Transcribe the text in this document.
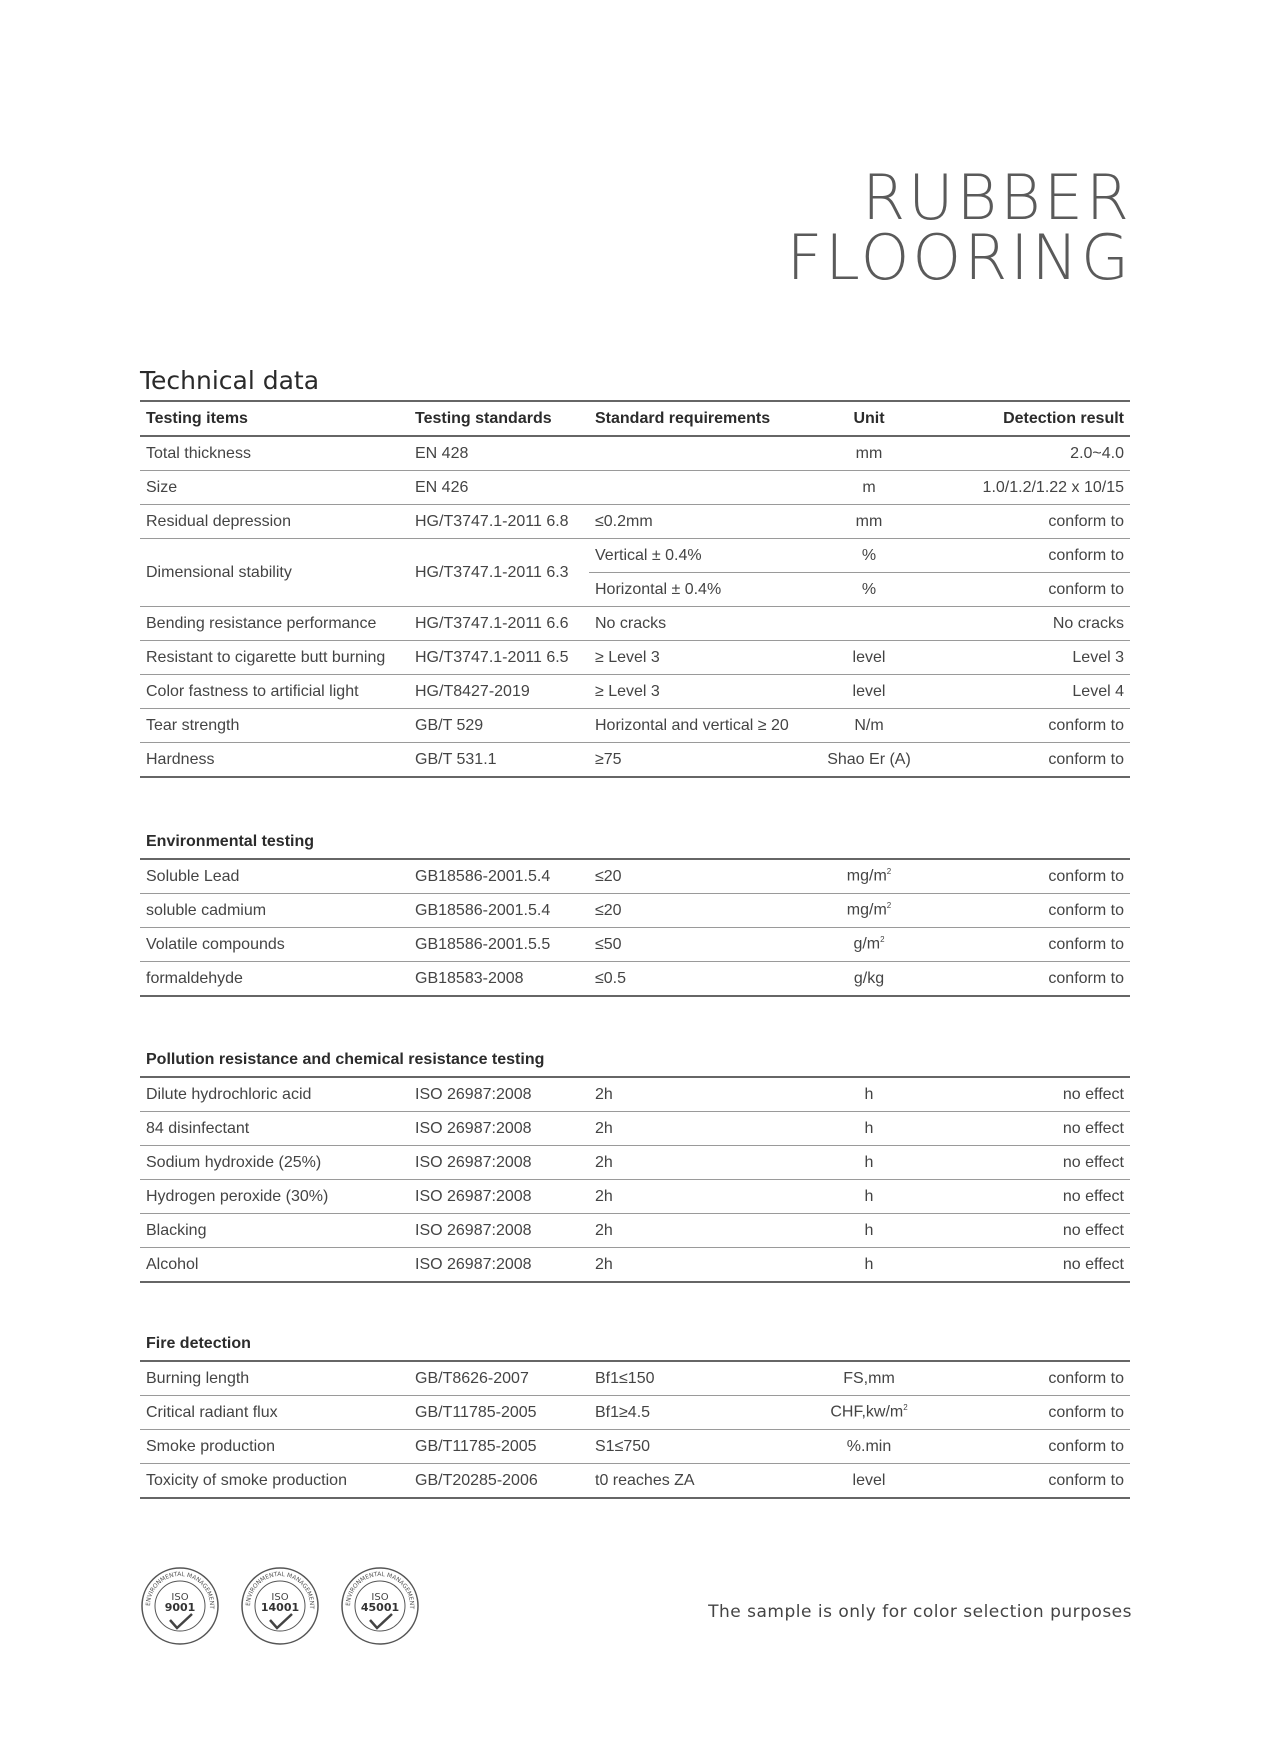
RUBBER
FLOORING
Technical data
Testing items	Testing standards	Standard requirements	Unit	Detection result
Total thickness	EN 428		mm	2.0~4.0
Size	EN 426		m	1.0/1.2/1.22 x 10/15
Residual depression	HG/T3747.1-2011 6.8	≤0.2mm	mm	conform to
Dimensional stability	HG/T3747.1-2011 6.3	Vertical ± 0.4%	%	conform to
		Horizontal ± 0.4%	%	conform to
Bending resistance performance	HG/T3747.1-2011 6.6	No cracks		No cracks
Resistant to cigarette butt burning	HG/T3747.1-2011 6.5	≥ Level 3	level	Level 3
Color fastness to artificial light	HG/T8427-2019	≥ Level 3	level	Level 4
Tear strength	GB/T 529	Horizontal and vertical ≥ 20	N/m	conform to
Hardness	GB/T 531.1	≥75	Shao Er (A)	conform to
Environmental testing				
Soluble Lead	GB18586-2001.5.4	≤20	$mg/m^2$	conform to
soluble cadmium	GB18586-2001.5.4	≤20	$mg/m^2$	conform to
Volatile compounds	GB18586-2001.5.5	≤50	$g/m^2$	conform to
formaldehyde	GB18583-2008	≤0.5	g/kg	conform to
Pollution resistance and chemical resistance testing				
Dilute hydrochloric acid	ISO 26987:2008	2h	h	no effect
84 disinfectant	ISO 26987:2008	2h	h	no effect
Sodium hydroxide (25%)	ISO 26987:2008	2h	h	no effect
Hydrogen peroxide (30%)	ISO 26987:2008	2h	h	no effect
Blacking	ISO 26987:2008	2h	h	no effect
Alcohol	ISO 26987:2008	2h	h	no effect
Fire detection				
Burning length	GB/T8626-2007	Bf1≤150	FS,mm	conform to
Critical radiant flux	GB/T11785-2005	Bf1≥4.5	$CHF,kw/m^2$	conform to
Smoke production	GB/T11785-2005	S1≤750	%.min	conform to
Toxicity of smoke production	GB/T20285-2006	t0 reaches ZA	level	conform to
ENVIRONMENTAL MANAGEMENT
ISO
9001	ENVIRONMENTAL MANAGEMENT
ISO
14001	ENVIRONMENTAL MANAGEMENT
ISO
45001	The sample is only for color selection purposes
